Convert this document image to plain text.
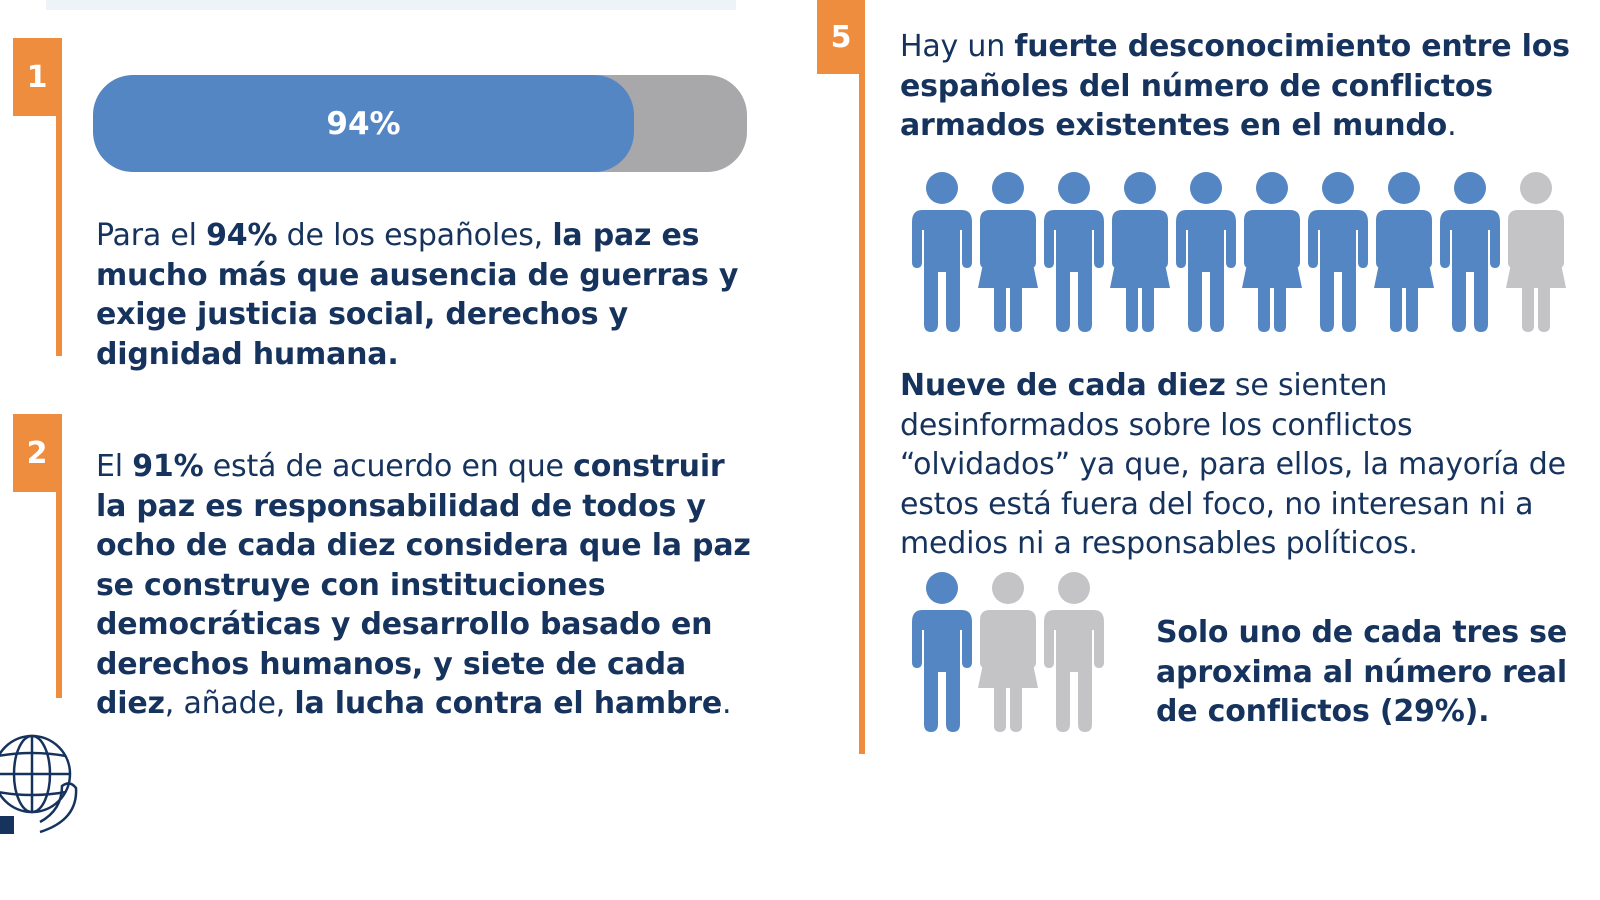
1
94%
Para el 94% de los españoles, la paz es mucho más que ausencia de guerras y exige justicia social, derechos y dignidad humana.
2 El 91% está de acuerdo en que construir la paz es responsabilidad de todos y ocho de cada diez considera que la paz se construye con instituciones democráticas y desarrollo basado en derechos humanos, y siete de cada diez, añade, la lucha contra el hambre.
5 Hay un fuerte desconocimiento entre los españoles del número de conflictos armados existentes en el mundo.
Nueve de cada diez se sienten desinformados sobre los conflictos “olvidados” ya que, para ellos, la mayoría de estos está fuera del foco, no interesan ni a medios ni a responsables políticos.
Solo uno de cada tres se aproxima al número real de conflictos (29%).
